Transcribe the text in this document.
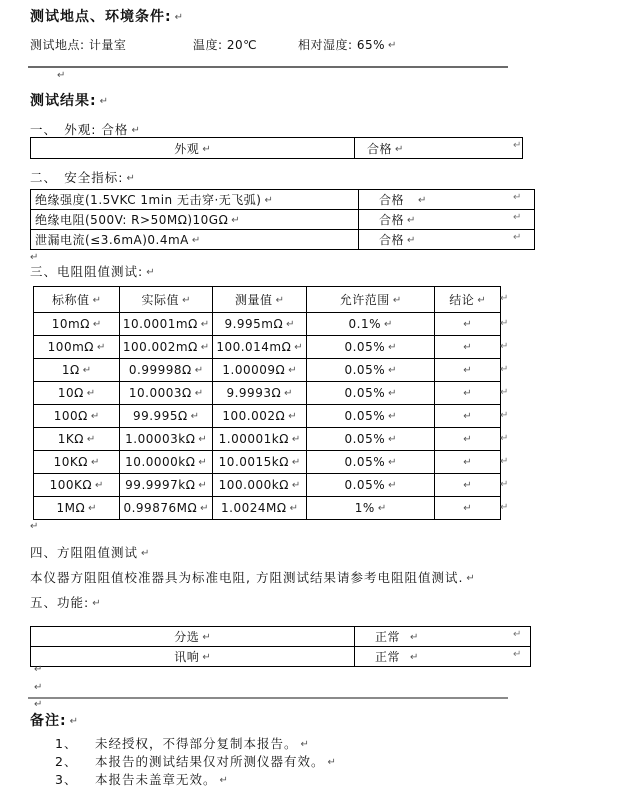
测试地点、环境条件: ↵
测试地点: 计量室	温度: 20℃	相对湿度: 65% ↵
↵
测试结果: ↵
一、　外观: 合格 ↵
外观 ↵	合格 ↵	↵
二、　安全指标: ↵
绝缘强度(1.5VKC 1min 无击穿·无飞弧) ↵	合格 ↵
绝缘电阻(500V: R>50MΩ)10GΩ ↵	合格 ↵
泄漏电流(≤3.6mA)0.4mA ↵	合格 ↵
↵
↵
↵
↵
三、电阻阻值测试: ↵
标称值 ↵	实际值 ↵	测量值 ↵	允许范围 ↵	结论 ↵
10mΩ ↵	10.0001mΩ ↵	9.995mΩ ↵	0.1% ↵	↵
100mΩ ↵	100.002mΩ ↵	100.014mΩ ↵	0.05% ↵	↵
1Ω ↵	0.99998Ω ↵	1.00009Ω ↵	0.05% ↵	↵
10Ω ↵	10.0003Ω ↵	9.9993Ω ↵	0.05% ↵	↵
100Ω ↵	99.995Ω ↵	100.002Ω ↵	0.05% ↵	↵
1KΩ ↵	1.00003kΩ ↵	1.00001kΩ ↵	0.05% ↵	↵
10KΩ ↵	10.0000kΩ ↵	10.0015kΩ ↵	0.05% ↵	↵
100KΩ ↵	99.9997kΩ ↵	100.000kΩ ↵	0.05% ↵	↵
1MΩ ↵	0.99876MΩ ↵	1.0024MΩ ↵	1% ↵	↵
↵
↵
↵
↵
↵
↵
↵
↵
↵
↵
↵
四、方阻阻值测试 ↵
本仪器方阻阻值校准器具为标准电阻, 方阻测试结果请参考电阻阻值测试. ↵
五、功能: ↵
分选 ↵	正常 ↵
讯响 ↵	正常 ↵
↵
↵
↵
↵
↵
备注: ↵
1、 未经授权，不得部分复制本报告。 ↵
2、 本报告的测试结果仅对所测仪器有效。 ↵
3、 本报告未盖章无效。 ↵
